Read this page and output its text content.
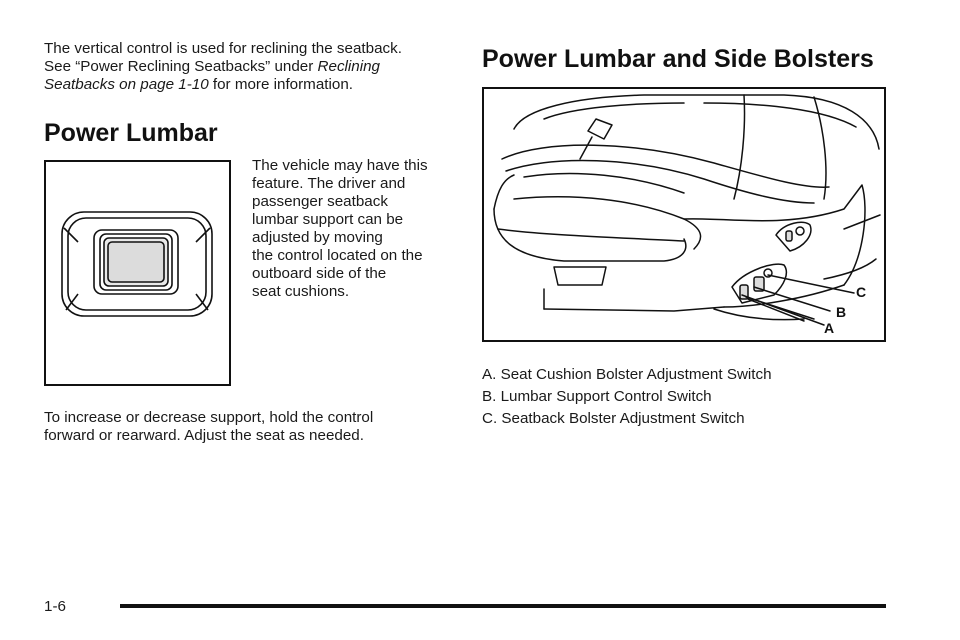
The vertical control is used for reclining the seatback.

See “Power Reclining Seatbacks” under Reclining

Seatbacks on page 1-10 for more information.

Power Lumbar

The vehicle may have this

feature. The driver and

passenger seatback

lumbar support can be

adjusted by moving

the control located on the

outboard side of the

seat cushions.

To increase or decrease support, hold the control

forward or rearward. Adjust the seat as needed.

Power Lumbar and Side Bolsters
C
B
A

A. Seat Cushion Bolster Adjustment Switch

B. Lumbar Support Control Switch

C. Seatback Bolster Adjustment Switch

1-6
